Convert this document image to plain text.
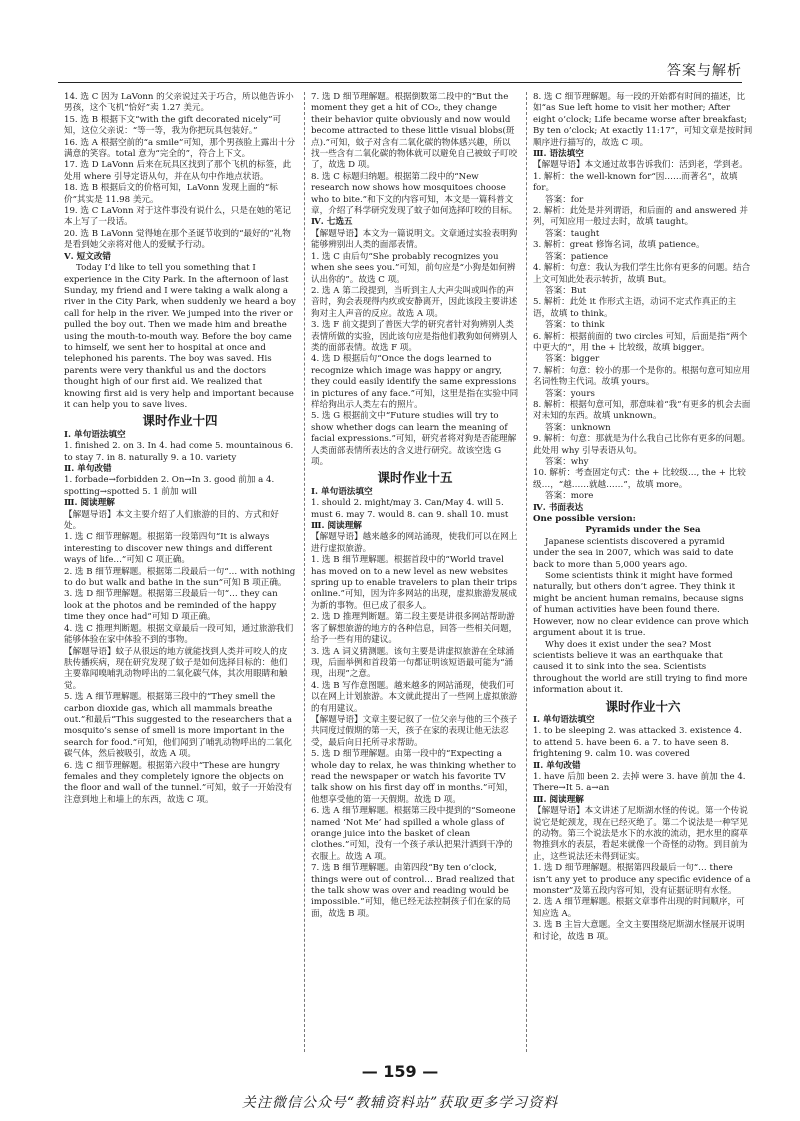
答案与解析

14. 选 C 因为 LaVonn 的父亲说过关于巧合，所以他告诉小男孩，这个飞机“恰好”卖 1.27 美元。

15. 选 B 根据下文“with the gift decorated nicely”可知，这位父亲说：“等一等，我为你把玩具包装好。”

16. 选 A 根据空前的“a smile”可知，那个男孩脸上露出十分满意的笑容。total 意为“完全的”，符合上下文。

17. 选 D LaVonn 后来在玩具区找到了那个飞机的标签，此处用 where 引导定语从句，并在从句中作地点状语。

18. 选 B 根据后文的价格可知，LaVonn 发现上面的“标价”其实是 11.98 美元。

19. 选 C LaVonn 对于这件事没有说什么，只是在她的笔记本上写了一段话。

20. 选 B LaVonn 觉得她在那个圣诞节收到的“最好的”礼物是看到她父亲将对他人的爱赋予行动。

Ⅴ. 短文改错

Today I’d like to tell you something that I experience in the City Park. In the afternoon of last Sunday, my friend and I were taking a walk along a river in the City Park, when suddenly we heard a boy call for help in the river. We jumped into the river or pulled the boy out. Then we made him and breathe using the mouth-to-mouth way. Before the boy came to himself, we sent her to hospital at once and telephoned his parents. The boy was saved. His parents were very thankful us and the doctors thought high of our first aid. We realized that knowing first aid is very help and important because it can help you to save lives.

课时作业十四

Ⅰ. 单句语法填空

1. finished 2. on 3. In 4. had come 5. mountainous 6. to stay 7. in 8. naturally 9. a 10. variety

Ⅱ. 单句改错

1. forbade→forbidden 2. On→In 3. good 前加 a 4. spotting→spotted 5. 1 前加 will

Ⅲ. 阅读理解

【解题导语】本文主要介绍了人们旅游的目的、方式和好处。

1. 选 C 细节理解题。根据第一段第四句“It is always interesting to discover new things and different ways of life…”可知 C 项正确。

2. 选 B 细节理解题。根据第二段最后一句“… with nothing to do but walk and bathe in the sun”可知 B 项正确。

3. 选 D 细节理解题。根据第三段最后一句“… they can look at the photos and be reminded of the happy time they once had”可知 D 项正确。

4. 选 C 推理判断题。根据文章最后一段可知，通过旅游我们能够体验在家中体验不到的事物。

【解题导语】蚊子从很远的地方就能找到人类并可咬人的皮肤传播疾病，现在研究发现了蚊子是如何选择目标的：他们主要靠闻嗅哺乳动物呼出的二氧化碳气体，其次用眼睛和触觉。

5. 选 A 细节理解题。根据第三段中的“They smell the carbon dioxide gas, which all mammals breathe out.”和最后“This suggested to the researchers that a mosquito’s sense of smell is more important in the search for food.”可知，他们闻到了哺乳动物呼出的二氧化碳气体，然后被吸引，故选 A 项。

6. 选 C 细节理解题。根据第六段中“These are hungry females and they completely ignore the objects on the floor and wall of the tunnel.”可知，蚊子一开始没有注意到地上和墙上的东西，故选 C 项。

7. 选 D 细节理解题。根据倒数第二段中的“But the moment they get a hit of CO₂, they change their behavior quite obviously and now would become attracted to these little visual blobs(斑点).”可知，蚊子对含有二氧化碳的物体感兴趣，所以找一些含有二氧化碳的物体就可以避免自己被蚊子叮咬了，故选 D 项。

8. 选 C 标题归纳题。根据第二段中的“New research now shows how mosquitoes choose who to bite.”和下文的内容可知，本文是一篇科普文章，介绍了科学研究发现了蚊子如何选择叮咬的目标。

Ⅳ. 七选五

【解题导语】本文为一篇说明文。文章通过实验表明狗能够辨别出人类的面部表情。

1. 选 C 由后句“She probably recognizes you when she sees you.”可知，前句应是“小狗是如何辨认出你的”。故选 C 项。

2. 选 A 第二段提到，当听到主人大声尖叫或叫作的声音时，狗会表现得内疚或安静离开，因此该段主要讲述狗对主人声音的反应。故选 A 项。

3. 选 F 前文提到了普医大学的研究者针对狗辨别人类表情所做的实验，因此该句应是指他们教狗如何辨别人类的面部表情。故选 F 项。

4. 选 D 根据后句“Once the dogs learned to recognize which image was happy or angry, they could easily identify the same expressions in pictures of any face.”可知，这里是指在实验中同样给狗出示人类左右的照片。

5. 选 G 根据前文中“Future studies will try to show whether dogs can learn the meaning of facial expressions.”可知，研究者将对狗是否能理解人类面部表情所表达的含义进行研究。故该空选 G 项。

课时作业十五

Ⅰ. 单句语法填空

1. should 2. might/may 3. Can/May 4. will 5. must 6. may 7. would 8. can 9. shall 10. must

Ⅲ. 阅读理解

【解题导语】越来越多的网站涌现，使我们可以在网上进行虚拟旅游。

1. 选 B 细节理解题。根据首段中的“World travel has moved on to a new level as new websites spring up to enable travelers to plan their trips online.”可知，因为许多网站的出现，虚拟旅游发展成为新的事物。但已成了很多人。

2. 选 D 推理判断题。第二段主要是讲很多网站帮助游客了解想旅游的地方的各种信息，回答一些相关问题，给予一些有用的建议。

3. 选 A 词义猜测题。该句主要是讲虚拟旅游在全球涌现，后面举例和首段第一句都证明该短语最可能为“涌现，出现”之意。

4. 选 B 写作意图题。越来越多的网站涌现，使我们可以在网上计划旅游。本文就此提出了一些网上虚拟旅游的有用建议。

【解题导语】文章主要记叙了一位父亲与他的三个孩子共同度过假期的第一天，孩子在家的表现让他无法忍受，最后向日托所寻求帮助。

5. 选 D 细节理解题。由第一段中的“Expecting a whole day to relax, he was thinking whether to read the newspaper or watch his favorite TV talk show on his first day off in months.”可知，他想享受他的第一天假期。故选 D 项。

6. 选 A 细节理解题。根据第三段中提到的“Someone named ‘Not Me’ had spilled a whole glass of orange juice into the basket of clean clothes.”可知，没有一个孩子承认把果汁洒到干净的衣服上。故选 A 项。

7. 选 B 细节理解题。由第四段“By ten o’clock, things were out of control… Brad realized that the talk show was over and reading would be impossible.”可知，他已经无法控制孩子们在家的局面，故选 B 项。

8. 选 C 细节理解题。每一段的开始都有时间的描述，比如“as Sue left home to visit her mother; After eight o’clock; Life became worse after breakfast; By ten o’clock; At exactly 11:17”，可知文章是按时间顺序进行描写的，故选 C 项。

Ⅲ. 语法填空

【解题导语】本文通过故事告诉我们：活到老，学到老。

1. 解析：the well-known for“因……而著名”，故填 for。

答案：for

2. 解析：此处是并列谓语，和后面的 and answered 并列，可知应用一般过去时，故填 taught。

答案：taught

3. 解析：great 修饰名词，故填 patience。

答案：patience

4. 解析：句意：我认为我们学生比你有更多的问题。结合上文可知此处表示转折，故填 But。

答案：But

5. 解析：此处 it 作形式主语，动词不定式作真正的主语，故填 to think。

答案：to think

6. 解析：根据前面的 two circles 可知，后面是指“两个中更大的”，用 the + 比较级，故填 bigger。

答案：bigger

7. 解析：句意：较小的那一个是你的。根据句意可知应用名词性物主代词。故填 yours。

答案：yours

8. 解析：根据句意可知，那意味着“我”有更多的机会去面对未知的东西。故填 unknown。

答案：unknown

9. 解析：句意：那就是为什么我自己比你有更多的问题。此处用 why 引导表语从句。

答案：why

10. 解析：考查固定句式：the + 比较级…, the + 比较级…，“越……就越……”，故填 more。

答案：more

Ⅳ. 书面表达

One possible version:

Pyramids under the Sea

Japanese scientists discovered a pyramid under the sea in 2007, which was said to date back to more than 5,000 years ago.

Some scientists think it might have formed naturally, but others don’t agree. They think it might be ancient human remains, because signs of human activities have been found there. However, now no clear evidence can prove which argument about it is true.

Why does it exist under the sea? Most scientists believe it was an earthquake that caused it to sink into the sea. Scientists throughout the world are still trying to find more information about it.

课时作业十六

Ⅰ. 单句语法填空

1. to be sleeping 2. was attacked 3. existence 4. to attend 5. have been 6. a 7. to have seen 8. frightening 9. calm 10. was covered

Ⅱ. 单句改错

1. have 后加 been 2. 去掉 were 3. have 前加 the 4. There→It 5. a→an

Ⅲ. 阅读理解

【解题导语】本文讲述了尼斯湖水怪的传说。第一个传说说它是蛇颈龙，现在已经灭绝了。第二个说法是一种罕见的动物。第三个说法是水下的水波的流动，把水里的腐草物推到水的表层，看起来就像一个奇怪的动物。到目前为止，这些说法还未得到证实。

1. 选 D 细节理解题。根据第四段最后一句“… there isn’t any yet to produce any specific evidence of a monster”及第五段内容可知，没有证据证明有水怪。

2. 选 A 细节理解题。根据文章事件出现的时间顺序，可知应选 A。

3. 选 B 主旨大意题。全文主要围绕尼斯湖水怪展开说明和讨论，故选 B 项。

— 159 —
关注微信公众号“教辅资料站”获取更多学习资料
